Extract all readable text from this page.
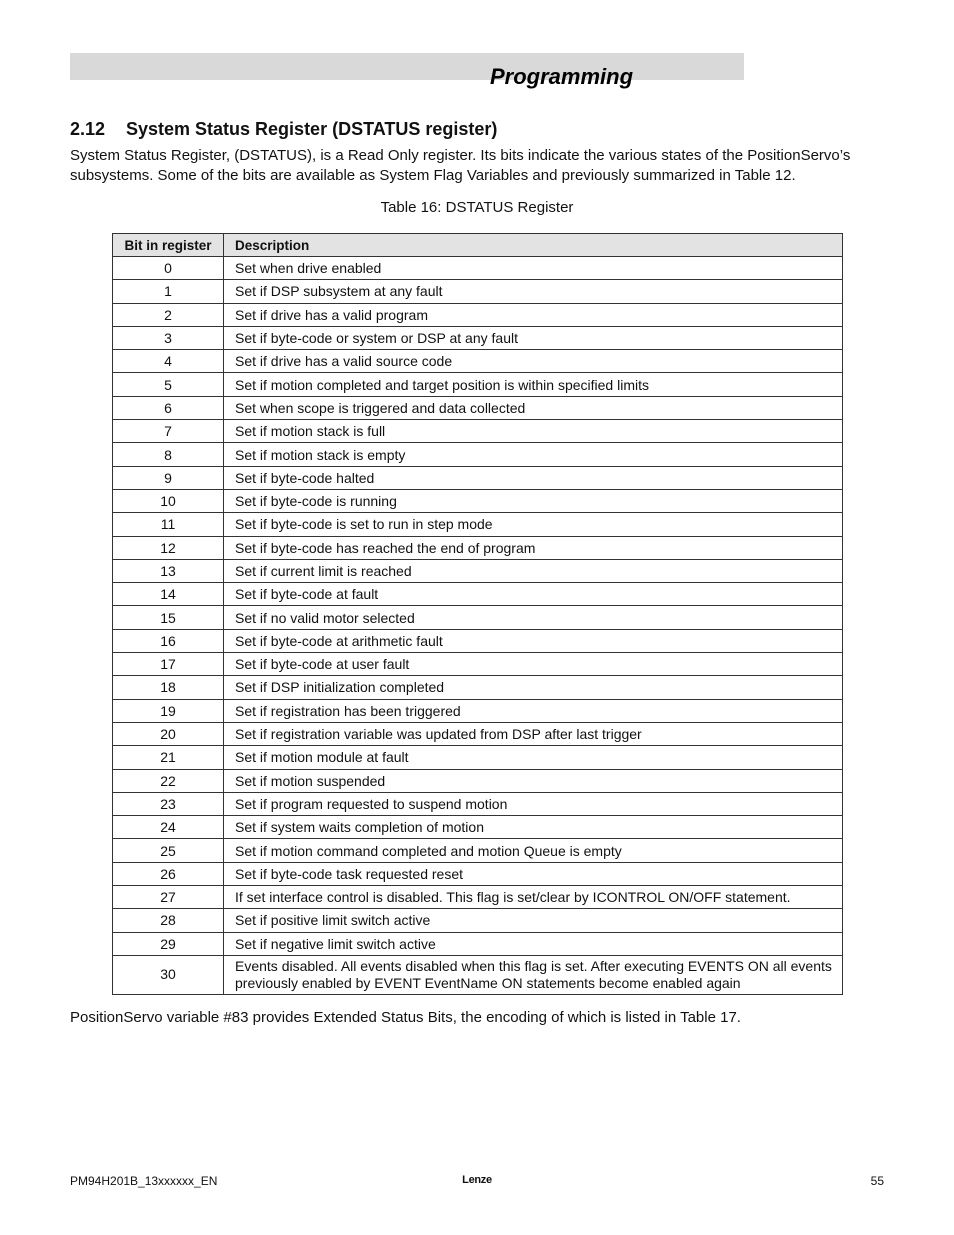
Programming
2.12 System Status Register (DSTATUS register)

System Status Register, (DSTATUS), is a Read Only register. Its bits indicate the various states of the PositionServo’s subsystems. Some of the bits are available as System Flag Variables and previously summarized in Table 12.

Table 16: DSTATUS Register
Bit in register	Description
0	Set when drive enabled
1	Set if DSP subsystem at any fault
2	Set if drive has a valid program
3	Set if byte-code or system or DSP at any fault
4	Set if drive has a valid source code
5	Set if motion completed and target position is within specified limits
6	Set when scope is triggered and data collected
7	Set if motion stack is full
8	Set if motion stack is empty
9	Set if byte-code halted
10	Set if byte-code is running
11	Set if byte-code is set to run in step mode
12	Set if byte-code has reached the end of program
13	Set if current limit is reached
14	Set if byte-code at fault
15	Set if no valid motor selected
16	Set if byte-code at arithmetic fault
17	Set if byte-code at user fault
18	Set if DSP initialization completed
19	Set if registration has been triggered
20	Set if registration variable was updated from DSP after last trigger
21	Set if motion module at fault
22	Set if motion suspended
23	Set if program requested to suspend motion
24	Set if system waits completion of motion
25	Set if motion command completed and motion Queue is empty
26	Set if byte-code task requested reset
27	If set interface control is disabled. This flag is set/clear by ICONTROL ON/OFF statement.
28	Set if positive limit switch active
29	Set if negative limit switch active
30	Events disabled. All events disabled when this flag is set. After executing EVENTS ON all events previously enabled by EVENT EventName ON statements become enabled again
PositionServo variable #83 provides Extended Status Bits, the encoding of which is listed in Table 17.
PM94H201B_13xxxxxx_EN	Lenze	55
